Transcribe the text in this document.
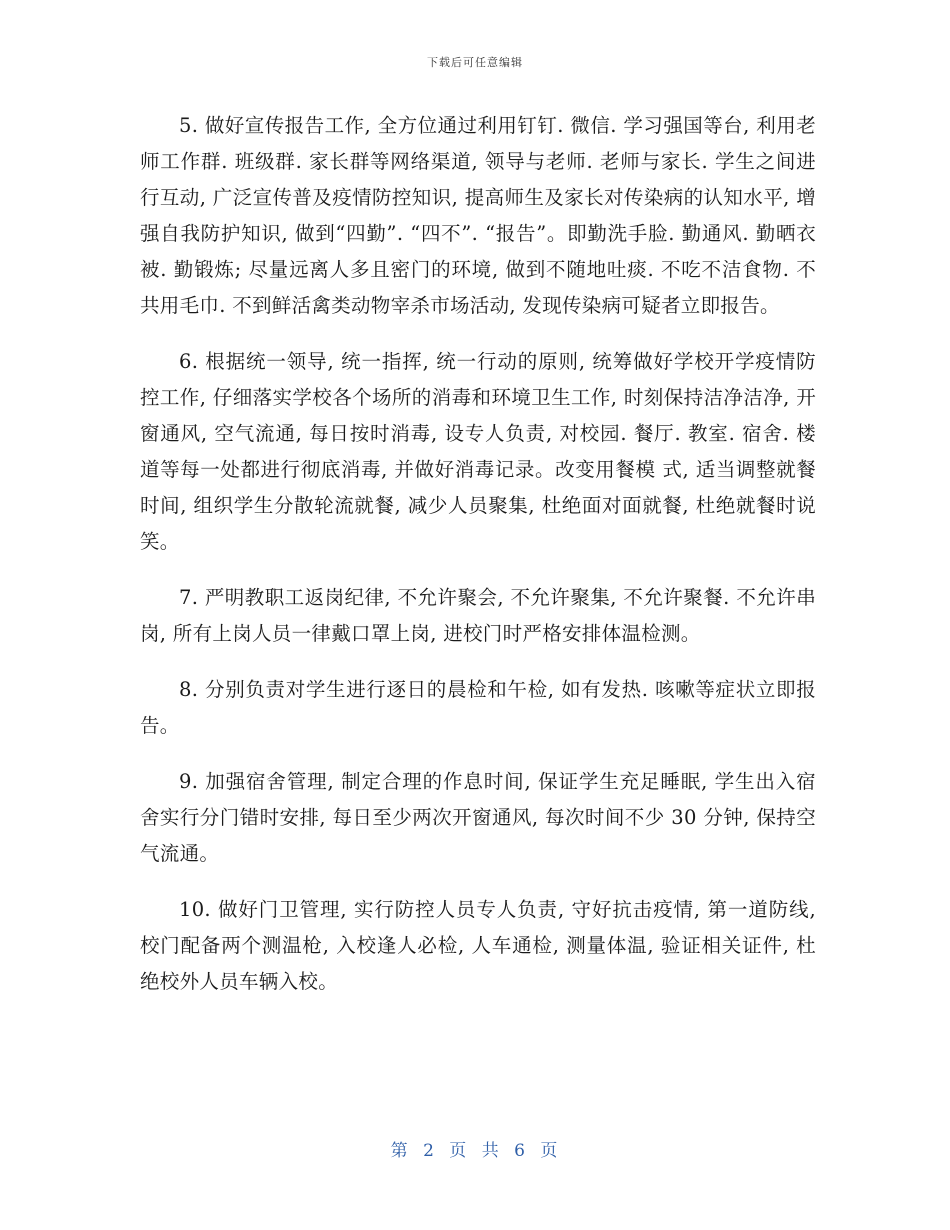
下载后可任意编辑

5. 做好宣传报告工作, 全方位通过利用钉钉. 微信. 学习强国等台, 利用老师工作群. 班级群. 家长群等网络渠道, 领导与老师. 老师与家长. 学生之间进行互动, 广泛宣传普及疫情防控知识, 提高师生及家长对传染病的认知水平, 增强自我防护知识, 做到“四勤”. “四不”. “报告”。即勤洗手脸. 勤通风. 勤晒衣被. 勤锻炼; 尽量远离人多且密门的环境, 做到不随地吐痰. 不吃不洁食物. 不共用毛巾. 不到鲜活禽类动物宰杀市场活动, 发现传染病可疑者立即报告。

6. 根据统一领导, 统一指挥, 统一行动的原则, 统筹做好学校开学疫情防控工作, 仔细落实学校各个场所的消毒和环境卫生工作, 时刻保持洁净洁净, 开窗通风, 空气流通, 每日按时消毒, 设专人负责, 对校园. 餐厅. 教室. 宿舍. 楼道等每一处都进行彻底消毒, 并做好消毒记录。改变用餐模 式, 适当调整就餐时间, 组织学生分散轮流就餐, 减少人员聚集, 杜绝面对面就餐, 杜绝就餐时说笑。

7. 严明教职工返岗纪律, 不允许聚会, 不允许聚集, 不允许聚餐. 不允许串岗, 所有上岗人员一律戴口罩上岗, 进校门时严格安排体温检测。

8. 分别负责对学生进行逐日的晨检和午检, 如有发热. 咳嗽等症状立即报告。

9. 加强宿舍管理, 制定合理的作息时间, 保证学生充足睡眠, 学生出入宿舍实行分门错时安排, 每日至少两次开窗通风, 每次时间不少 30 分钟, 保持空气流通。

10. 做好门卫管理, 实行防控人员专人负责, 守好抗击疫情, 第一道防线, 校门配备两个测温枪, 入校逢人必检, 人车通检, 测量体温, 验证相关证件, 杜绝校外人员车辆入校。

第 2 页 共 6 页
